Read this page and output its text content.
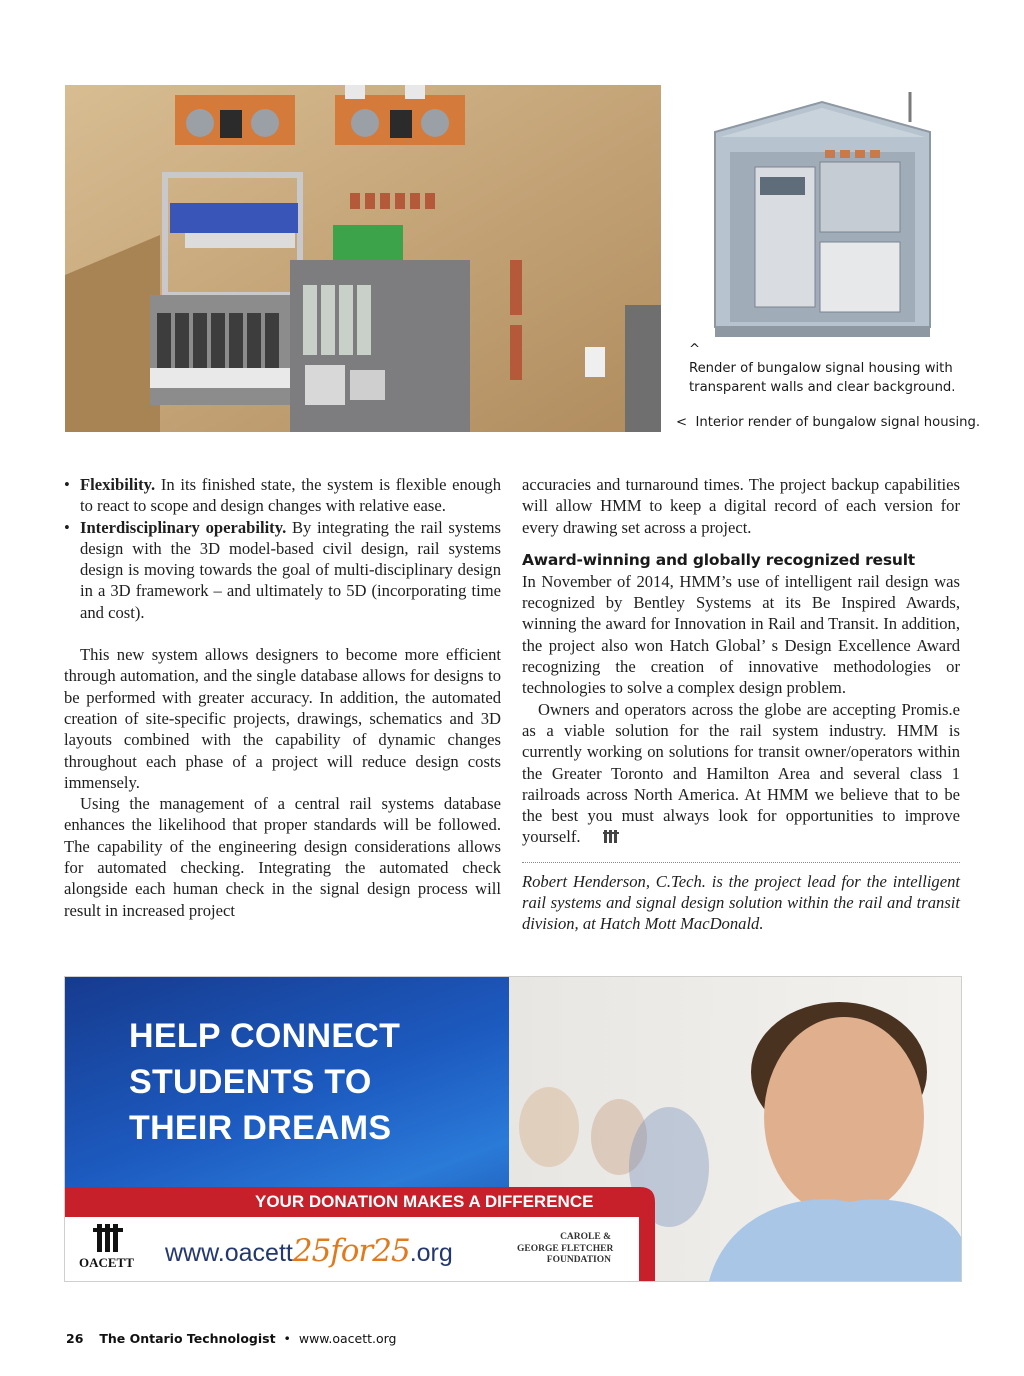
^
Render of bungalow signal housing with
transparent walls and clear background.
< Interior render of bungalow signal housing.
• Flexibility. In its finished state, the system is flexible enough to react to scope and design changes with relative ease.
• Interdisciplinary operability. By integrating the rail systems design with the 3D model-based civil design, rail systems design is moving towards the goal of multi-disciplinary design in a 3D framework – and ultimately to 5D (incorporating time and cost).

This new system allows designers to become more efficient through automation, and the single database allows for designs to be performed with greater accuracy. In addition, the automated creation of site-specific projects, drawings, schematics and 3D layouts combined with the capability of dynamic changes throughout each phase of a project will reduce design costs immensely.

Using the management of a central rail systems database enhances the likelihood that proper standards will be followed. The capability of the engineering design considerations allows for automated checking. Integrating the automated check alongside each human check in the signal design process will result in increased project

accuracies and turnaround times. The project backup capabilities will allow HMM to keep a digital record of each version for every drawing set across a project.

Award-winning and globally recognized result

In November of 2014, HMM’s use of intelligent rail design was recognized by Bentley Systems at its Be Inspired Awards, winning the award for Innovation in Rail and Transit. In addition, the project also won Hatch Global’ s Design Excellence Award recognizing the creation of innovative methodologies or technologies to solve a complex design problem.

Owners and operators across the globe are accepting Promis.e as a viable solution for the rail system industry. HMM is currently working on solutions for transit owner/operators within the Greater Toronto and Hamilton Area and several class 1 railroads across North America. At HMM we believe that to be the best you must always look for opportunities to improve yourself.

Robert Henderson, C.Tech. is the project lead for the intelligent rail systems and signal design solution within the rail and transit division, at Hatch Mott MacDonald.

HELP CONNECT
STUDENTS TO
THEIR DREAMS
YOUR DONATION MAKES A DIFFERENCE
OACETT www.oacett25for25.org
CAROLE &
GEORGE FLETCHER
FOUNDATION
26 The Ontario Technologist • www.oacett.org
